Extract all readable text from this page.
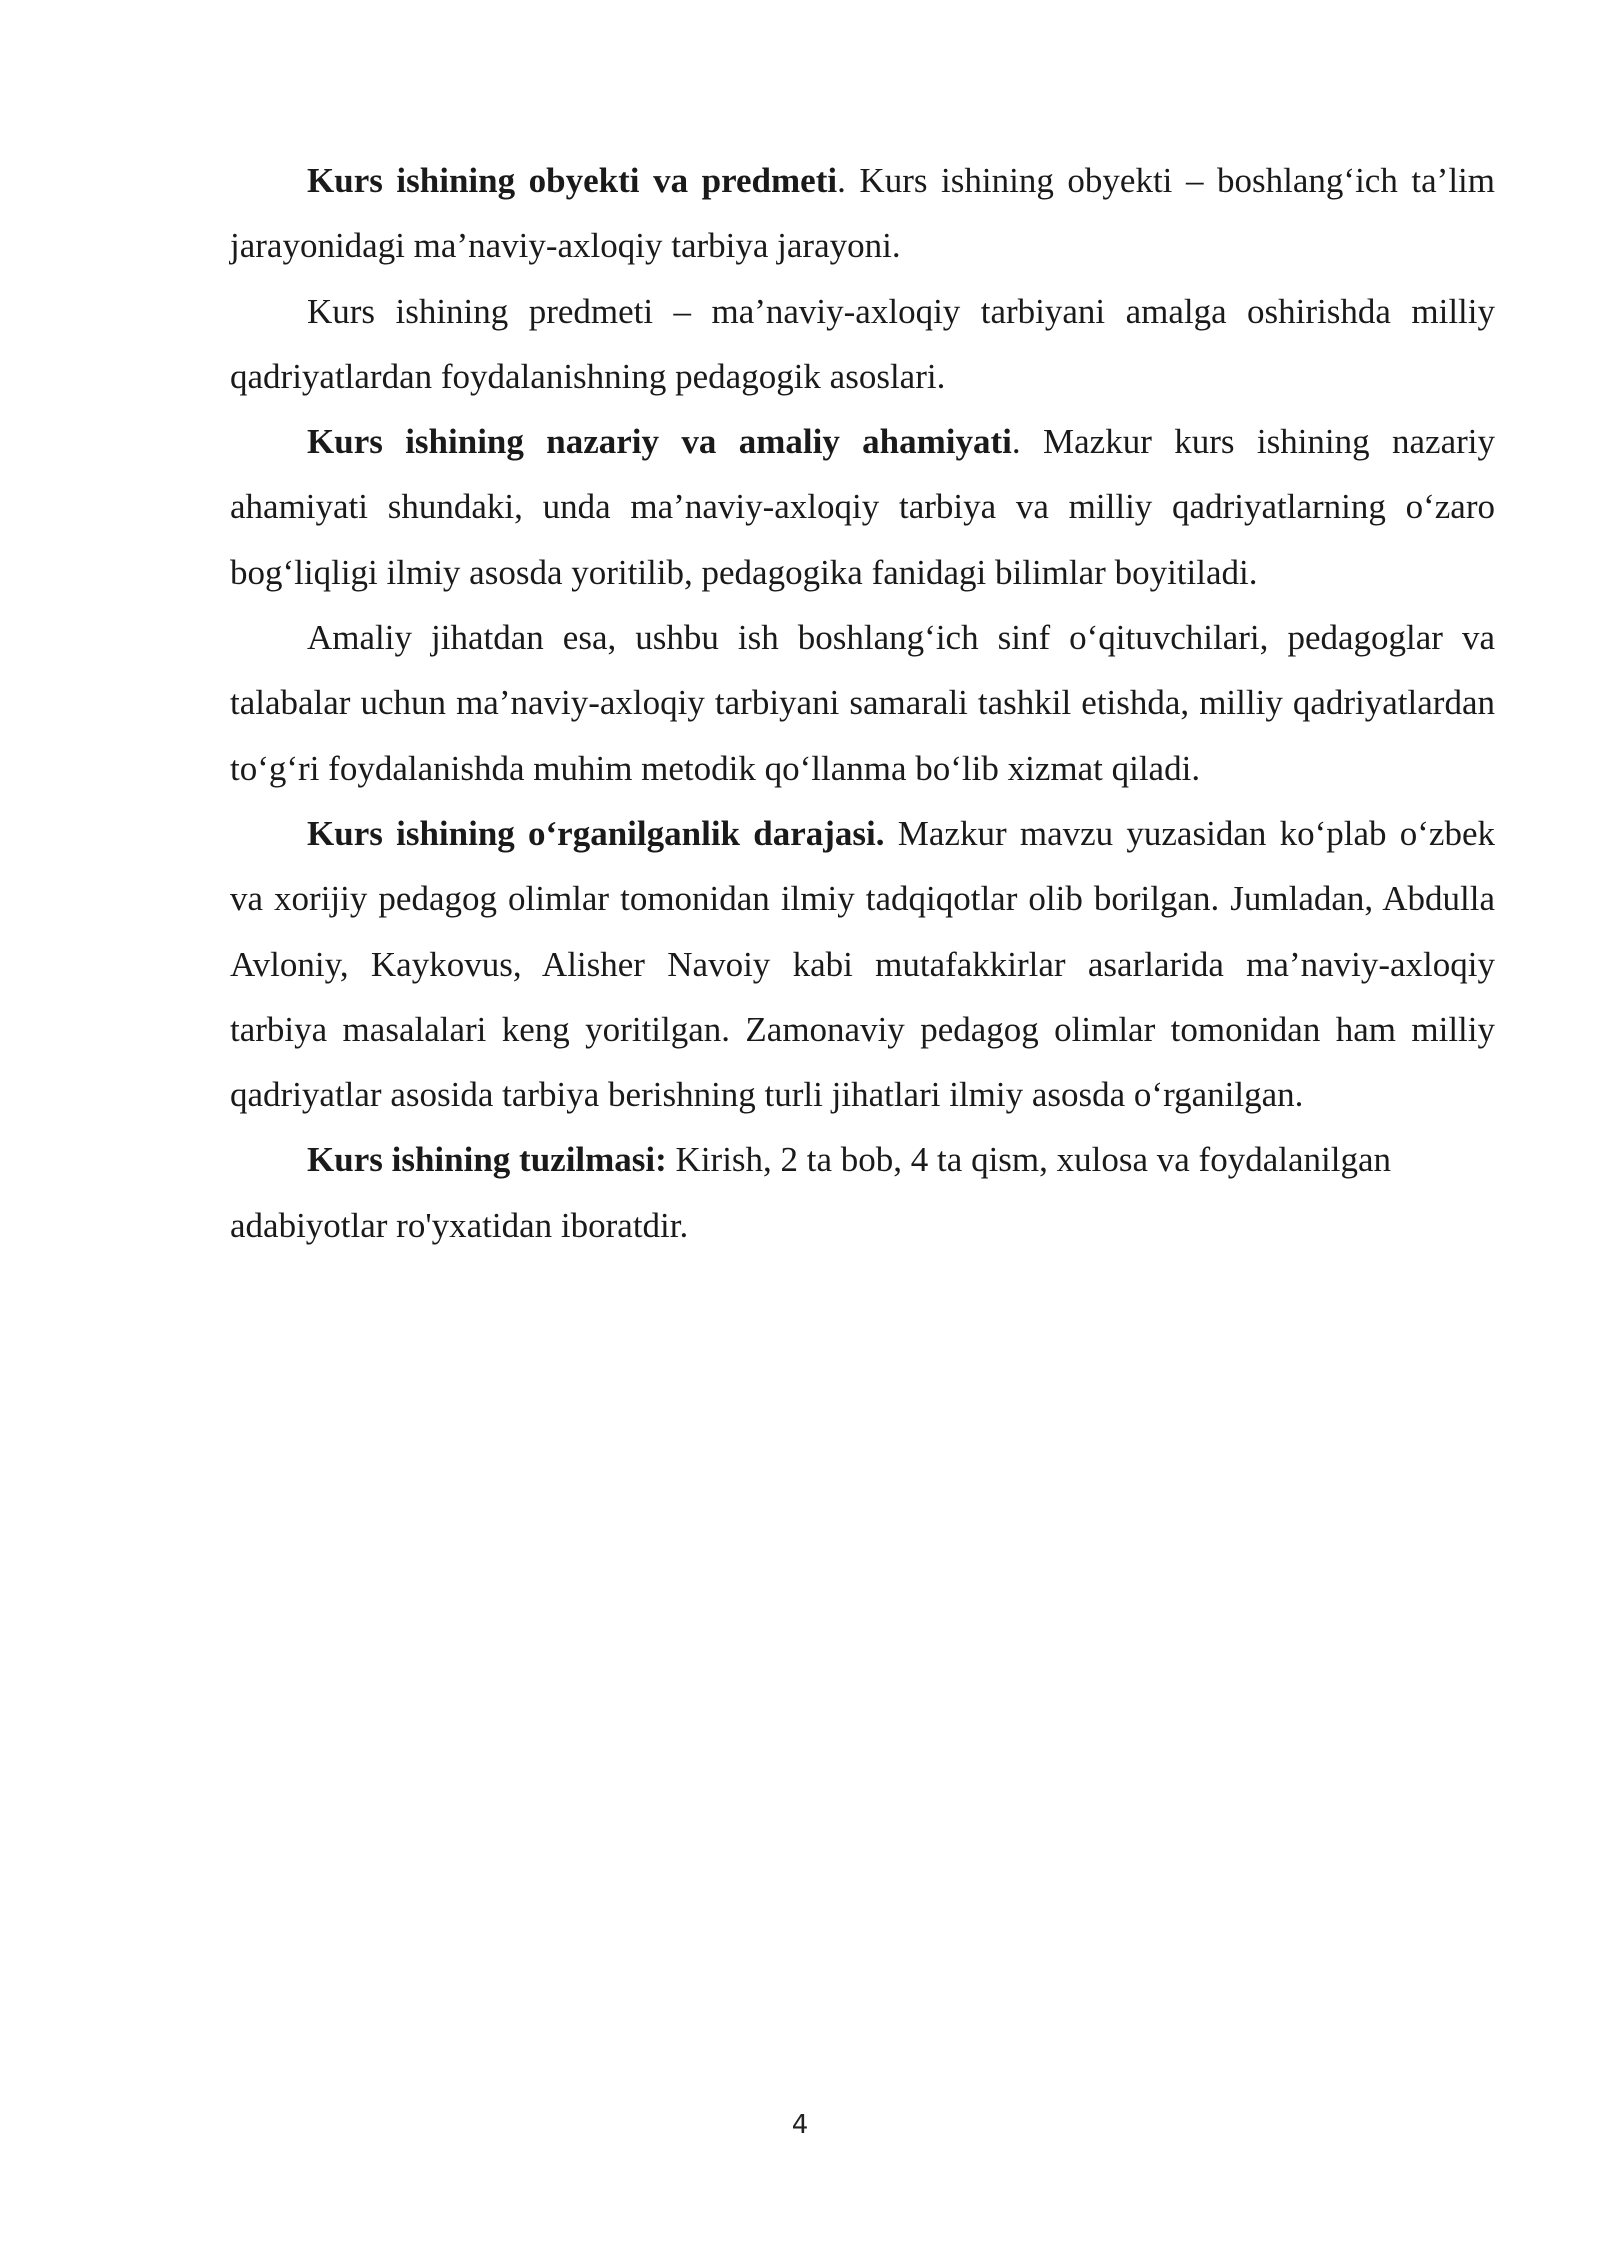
Kurs ishining obyekti va predmeti. Kurs ishining obyekti – boshlang‘ich ta’lim jarayonidagi ma’naviy-axloqiy tarbiya jarayoni.

Kurs ishining predmeti – ma’naviy-axloqiy tarbiyani amalga oshirishda milliy qadriyatlardan foydalanishning pedagogik asoslari.

Kurs ishining nazariy va amaliy ahamiyati. Mazkur kurs ishining nazariy ahamiyati shundaki, unda ma’naviy-axloqiy tarbiya va milliy qadriyatlarning o‘zaro bog‘liqligi ilmiy asosda yoritilib, pedagogika fanidagi bilimlar boyitiladi.

Amaliy jihatdan esa, ushbu ish boshlang‘ich sinf o‘qituvchilari, pedagoglar va talabalar uchun ma’naviy-axloqiy tarbiyani samarali tashkil etishda, milliy qadriyatlardan to‘g‘ri foydalanishda muhim metodik qo‘llanma bo‘lib xizmat qiladi.

Kurs ishining o‘rganilganlik darajasi. Mazkur mavzu yuzasidan ko‘plab o‘zbek va xorijiy pedagog olimlar tomonidan ilmiy tadqiqotlar olib borilgan. Jumladan, Abdulla Avloniy, Kaykovus, Alisher Navoiy kabi mutafakkirlar asarlarida ma’naviy-axloqiy tarbiya masalalari keng yoritilgan. Zamonaviy pedagog olimlar tomonidan ham milliy qadriyatlar asosida tarbiya berishning turli jihatlari ilmiy asosda o‘rganilgan.

Kurs ishining tuzilmasi: Kirish, 2 ta bob, 4 ta qism, xulosa va foydalanilgan adabiyotlar ro'yxatidan iboratdir.

4
